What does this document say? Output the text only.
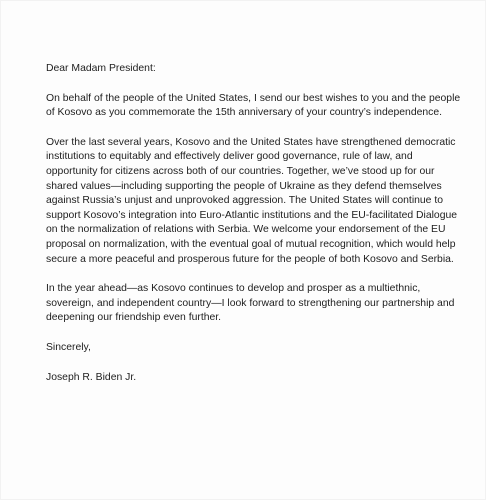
Dear Madam President:

On behalf of the people of the United States, I send our best wishes to you and the people of Kosovo as you commemorate the 15th anniversary of your country’s independence.

Over the last several years, Kosovo and the United States have strengthened democratic institutions to equitably and effectively deliver good governance, rule of law, and opportunity for citizens across both of our countries. Together, we’ve stood up for our shared values—including supporting the people of Ukraine as they defend themselves against Russia’s unjust and unprovoked aggression. The United States will continue to support Kosovo’s integration into Euro-Atlantic institutions and the EU-facilitated Dialogue on the normalization of relations with Serbia. We welcome your endorsement of the EU proposal on normalization, with the eventual goal of mutual recognition, which would help secure a more peaceful and prosperous future for the people of both Kosovo and Serbia.

In the year ahead—as Kosovo continues to develop and prosper as a multiethnic, sovereign, and independent country—I look forward to strengthening our partnership and deepening our friendship even further.

Sincerely,

Joseph R. Biden Jr.
